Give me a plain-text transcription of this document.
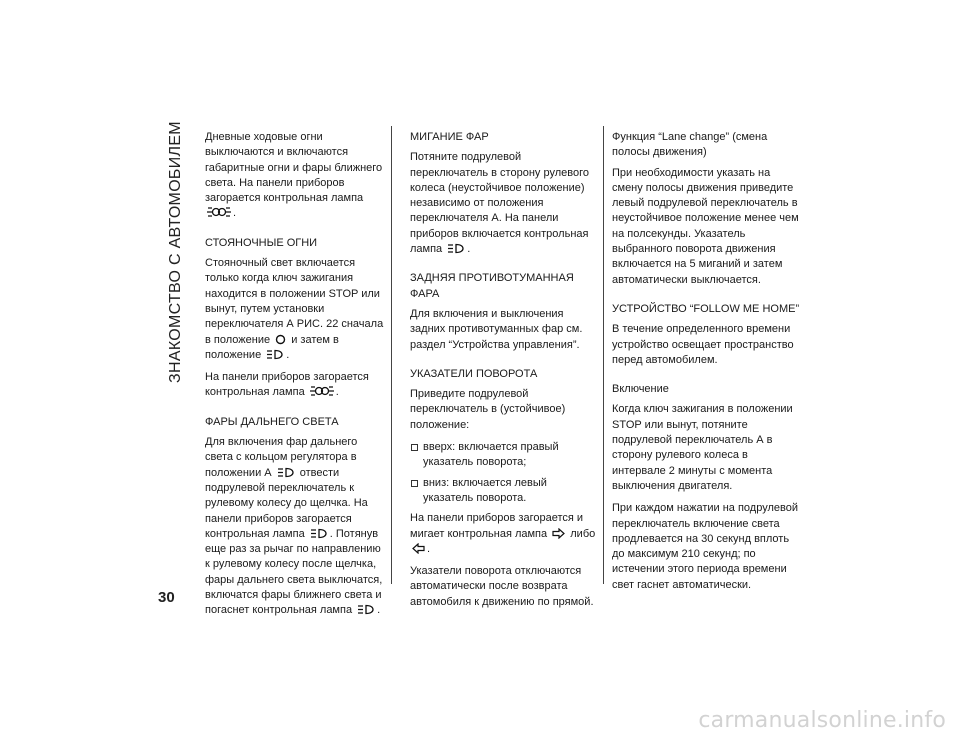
ЗНАКОМСТВО С АВТОМОБИЛЕМ Дневные ходовые огни выключаются и включаются габаритные огни и фары ближнего света. На панели приборов загорается контрольная лампа .

СТОЯНОЧНЫЕ ОГНИ

Стояночный свет включается только когда ключ зажигания находится в положении STOP или вынут, путем установки переключателя А РИС. 22 сначала в положение и затем в положение .

На панели приборов загорается контрольная лампа	.

ФАРЫ ДАЛЬНЕГО СВЕТА

Для включения фар дальнего света с кольцом регулятора в положении А	отвести подрулевой переключатель к рулевому колесу до щелчка. На панели приборов загорается контрольная лампа . Потянув еще раз за рычаг по направлению к рулевому колесу после щелчка, фары дальнего света выключатся, включатся фары ближнего света и погаснет контрольная лампа .

МИГАНИЕ ФАР

Потяните подрулевой переключатель в сторону рулевого колеса (неустойчивое положение) независимо от положения переключателя А. На панели приборов включается контрольная лампа .

ЗАДНЯЯ ПРОТИВОТУМАННАЯ ФАРА

Для включения и выключения задних противотуманных фар см. раздел “Устройства управления”.

УКАЗАТЕЛИ ПОВОРОТА

Приведите подрулевой переключатель в (устойчивое) положение:

вверх: включается правый указатель поворота;
вниз: включается левый указатель поворота.

На панели приборов загорается и мигает контрольная лампа либо .

Указатели поворота отключаются автоматически после возврата автомобиля к движению по прямой.

Функция “Lane change” (смена полосы движения)

При необходимости указать на смену полосы движения приведите левый подрулевой переключатель в неустойчивое положение менее чем на полсекунды. Указатель выбранного поворота движения включается на 5 миганий и затем автоматически выключается.

УСТРОЙСТВО “FOLLOW ME HOME”

В течение определенного времени устройство освещает пространство перед автомобилем.

Включение

Когда ключ зажигания в положении STOP или вынут, потяните подрулевой переключатель А в сторону рулевого колеса в интервале 2 минуты с момента выключения двигателя.

При каждом нажатии на подрулевой переключатель включение света продлевается на 30 секунд вплоть до максимум 210 секунд; по истечении этого периода времени свет гаснет автоматически.

30
carmanualsonline.info
